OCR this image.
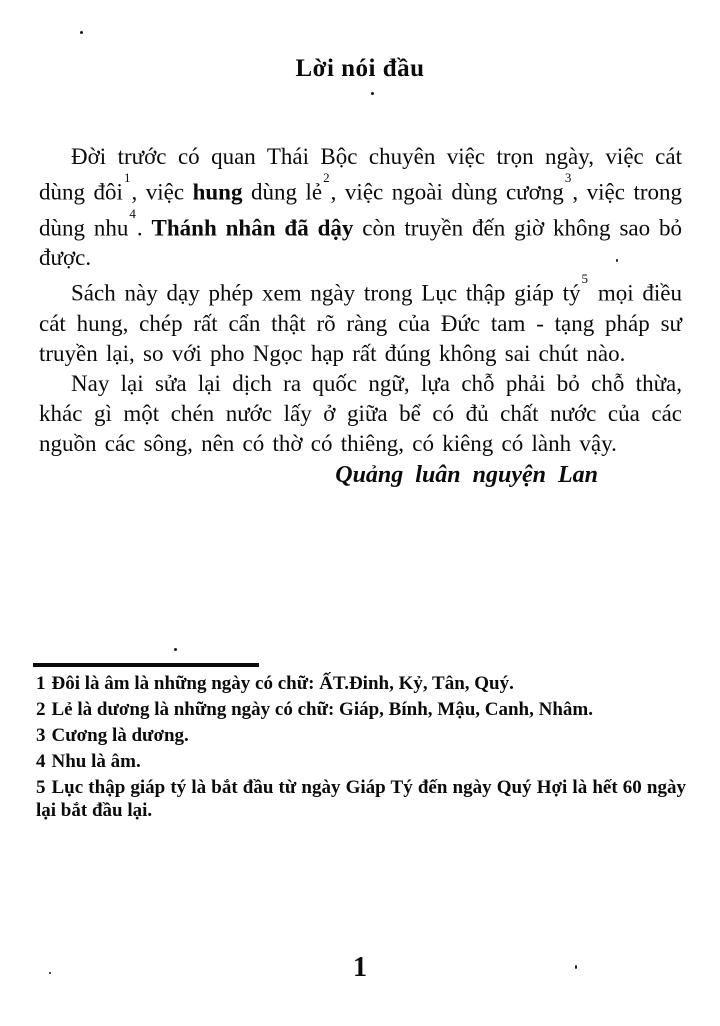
Lời nói đầu

Đời trước có quan Thái Bộc chuyên việc trọn ngày, việc cát dùng đôi$^1$, việc hung dùng lẻ$^2$, việc ngoài dùng cương$^3$, việc trong dùng nhu$^4$. Thánh nhân đã dậy còn truyền đến giờ không sao bỏ được.

Sách này dạy phép xem ngày trong Lục thập giáp tý$^5$ mọi điều cát hung, chép rất cẩn thật rõ ràng của Đức tam - tạng pháp sư truyền lại, so với pho Ngọc hạp rất đúng không sai chút nào.

Nay lại sửa lại dịch ra quốc ngữ, lựa chỗ phải bỏ chỗ thừa, khác gì một chén nước lấy ở giữa bể có đủ chất nước của các nguồn các sông, nên có thờ có thiêng, có kiêng có lành vậy.

Quảng luân nguyện Lan

1 Đôi là âm là những ngày có chữ: ẤT.Đinh, Kỷ, Tân, Quý.

2 Lẻ là dương là những ngày có chữ: Giáp, Bính, Mậu, Canh, Nhâm.

3 Cương là dương.

4 Nhu là âm.

5 Lục thập giáp tý là bắt đầu từ ngày Giáp Tý đến ngày Quý Hợi là hết 60 ngày lại bắt đầu lại.

1
